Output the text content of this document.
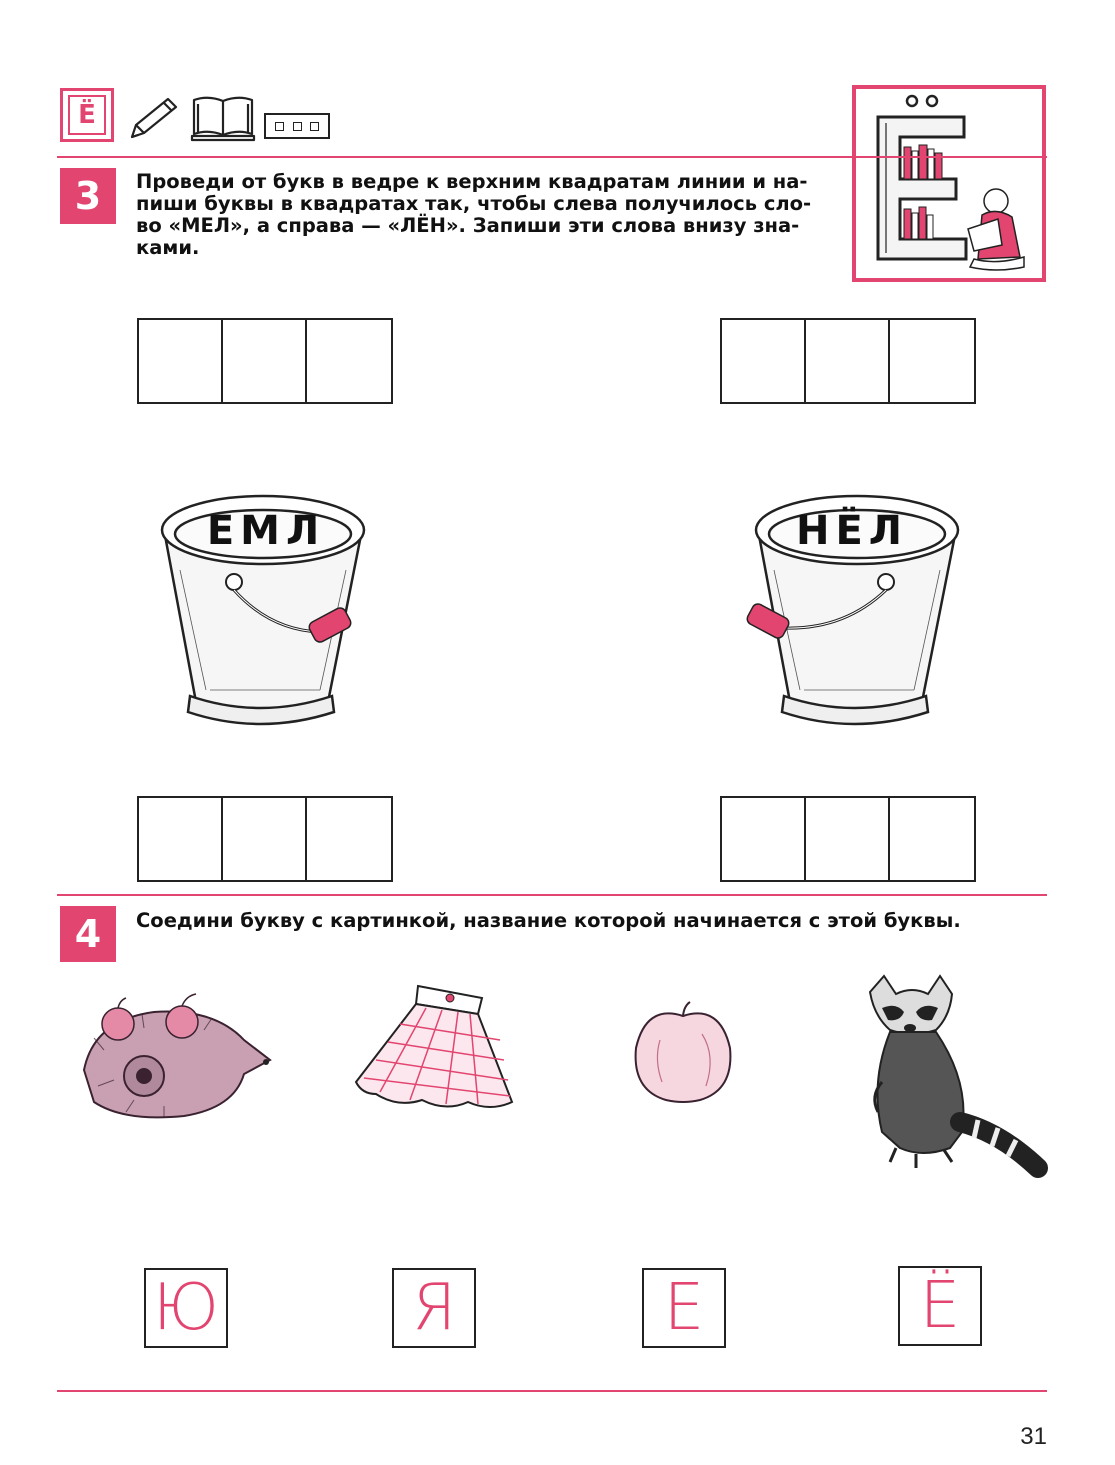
Ё
3	Проведи от букв в ведре к верхним квадратам линии и на-
пиши буквы в квадратах так, чтобы слева получилось сло-
во «МЕЛ», а справа — «ЛЁН». Запиши эти слова внизу зна-
ками.
ЕМЛ	НЁЛ
4	Соедини букву с картинкой, название которой начинается с этой буквы.
Ю	Я	Е	Ё
31
